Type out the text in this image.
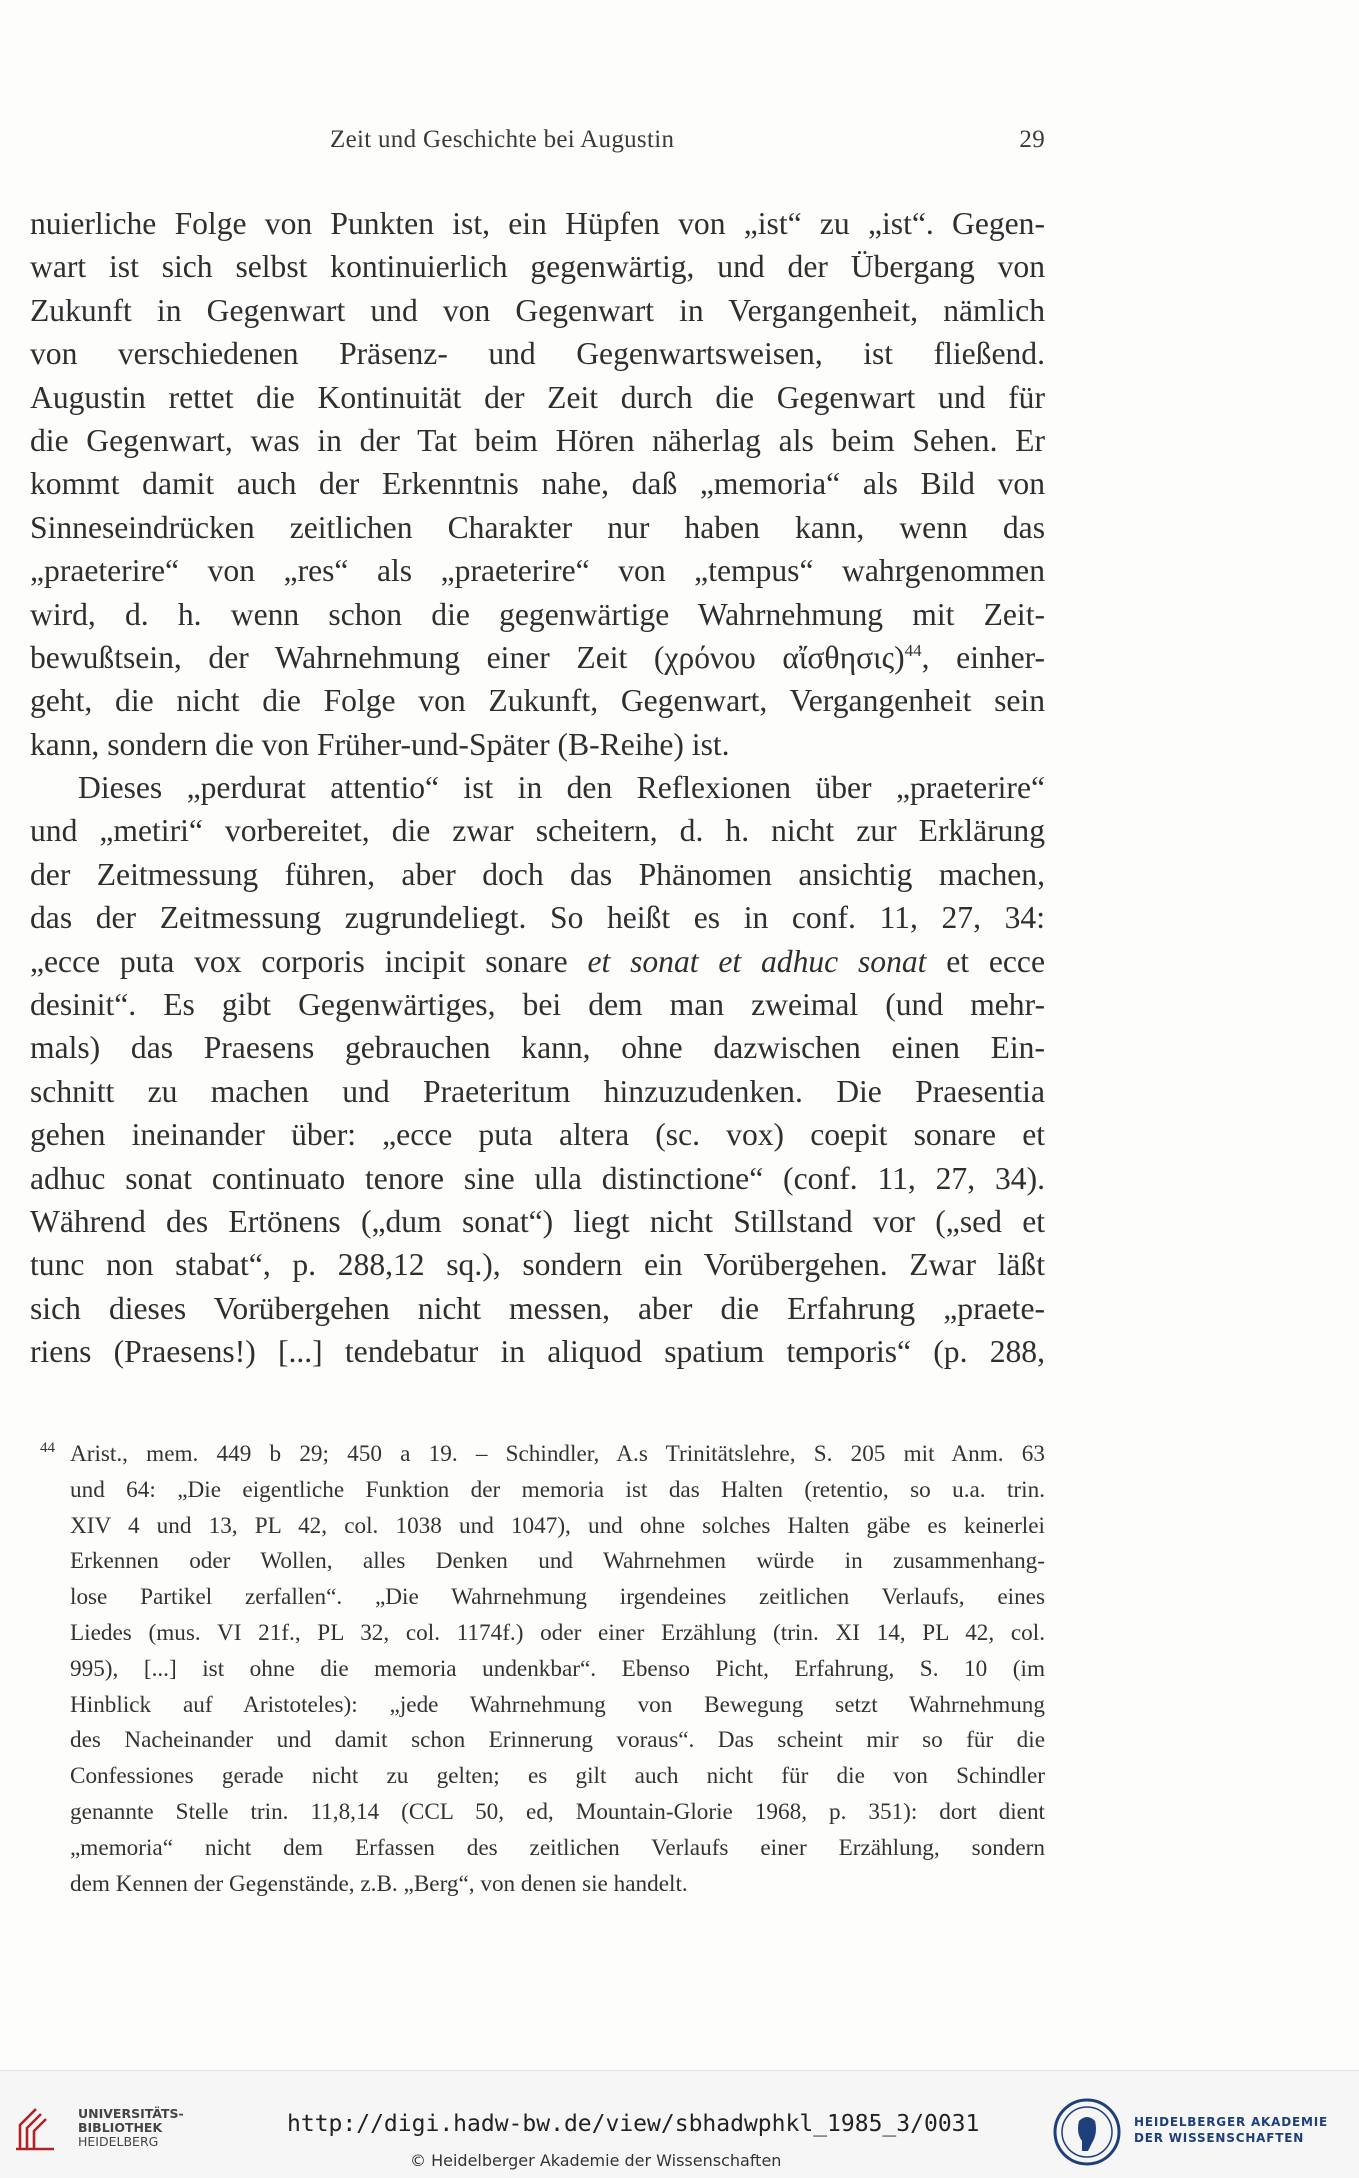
Zeit und Geschichte bei Augustin	29
nuierliche Folge von Punkten ist, ein Hüpfen von „ist“ zu „ist“. Gegen-
wart ist sich selbst kontinuierlich gegenwärtig, und der Übergang von
Zukunft in Gegenwart und von Gegenwart in Vergangenheit, nämlich
von verschiedenen Präsenz- und Gegenwartsweisen, ist fließend.
Augustin rettet die Kontinuität der Zeit durch die Gegenwart und für
die Gegenwart, was in der Tat beim Hören näherlag als beim Sehen. Er
kommt damit auch der Erkenntnis nahe, daß „memoria“ als Bild von
Sinneseindrücken zeitlichen Charakter nur haben kann, wenn das
„praeterire“ von „res“ als „praeterire“ von „tempus“ wahrgenommen
wird, d. h. wenn schon die gegenwärtige Wahrnehmung mit Zeit-
bewußtsein, der Wahrnehmung einer Zeit (χρόνου αἴσθησις)$^{44}$, einher-
geht, die nicht die Folge von Zukunft, Gegenwart, Vergangenheit sein
kann, sondern die von Früher-und-Später (B-Reihe) ist.
Dieses „perdurat attentio“ ist in den Reflexionen über „praeterire“
und „metiri“ vorbereitet, die zwar scheitern, d. h. nicht zur Erklärung
der Zeitmessung führen, aber doch das Phänomen ansichtig machen,
das der Zeitmessung zugrundeliegt. So heißt es in conf. 11, 27, 34:
„ecce puta vox corporis incipit sonare et sonat et adhuc sonat et ecce
desinit“. Es gibt Gegenwärtiges, bei dem man zweimal (und mehr-
mals) das Praesens gebrauchen kann, ohne dazwischen einen Ein-
schnitt zu machen und Praeteritum hinzuzudenken. Die Praesentia
gehen ineinander über: „ecce puta altera (sc. vox) coepit sonare et
adhuc sonat continuato tenore sine ulla distinctione“ (conf. 11, 27, 34).
Während des Ertönens („dum sonat“) liegt nicht Stillstand vor („sed et
tunc non stabat“, p. 288,12 sq.), sondern ein Vorübergehen. Zwar läßt
sich dieses Vorübergehen nicht messen, aber die Erfahrung „praete-
riens (Praesens!) [...] tendebatur in aliquod spatium temporis“ (p. 288,
44 Arist., mem. 449 b 29; 450 a 19. – Schindler, A.s Trinitätslehre, S. 205 mit Anm. 63
und 64: „Die eigentliche Funktion der memoria ist das Halten (retentio, so u.a. trin.
XIV 4 und 13, PL 42, col. 1038 und 1047), und ohne solches Halten gäbe es keinerlei
Erkennen oder Wollen, alles Denken und Wahrnehmen würde in zusammenhang-
lose Partikel zerfallen“. „Die Wahrnehmung irgendeines zeitlichen Verlaufs, eines
Liedes (mus. VI 21f., PL 32, col. 1174f.) oder einer Erzählung (trin. XI 14, PL 42, col.
995), [...] ist ohne die memoria undenkbar“. Ebenso Picht, Erfahrung, S. 10 (im
Hinblick auf Aristoteles): „jede Wahrnehmung von Bewegung setzt Wahrnehmung
des Nacheinander und damit schon Erinnerung voraus“. Das scheint mir so für die
Confessiones gerade nicht zu gelten; es gilt auch nicht für die von Schindler
genannte Stelle trin. 11,8,14 (CCL 50, ed, Mountain-Glorie 1968, p. 351): dort dient
„memoria“ nicht dem Erfassen des zeitlichen Verlaufs einer Erzählung, sondern
dem Kennen der Gegenstände, z.B. „Berg“, von denen sie handelt.
UNIVERSITÄTS-
BIBLIOTHEK
HEIDELBERG
http://digi.hadw-bw.de/view/sbhadwphkl_1985_3/0031
© Heidelberger Akademie der Wissenschaften
HEIDELBERGER AKADEMIE
DER WISSENSCHAFTEN
